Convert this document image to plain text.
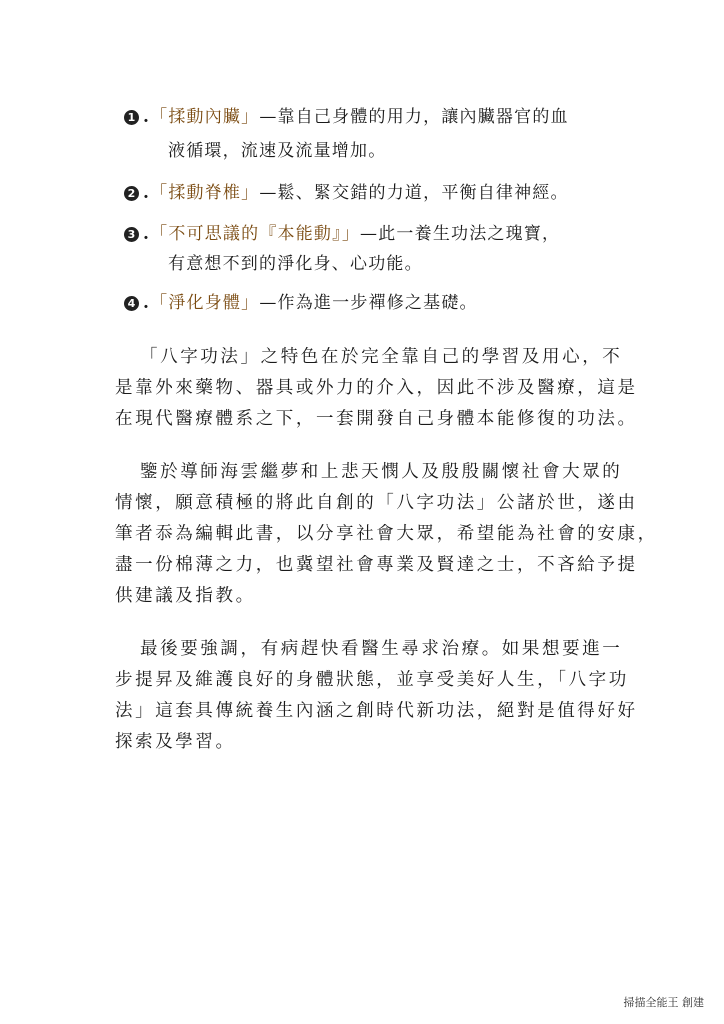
1 .「揉動內臟」—靠自己身體的用力，讓內臟器官的血
液循環，流速及流量增加。
2 .「揉動脊椎」—鬆、緊交錯的力道，平衡自律神經。
3 .「不可思議的『本能動』」—此一養生功法之瑰寶，
有意想不到的淨化身、心功能。
4 .「淨化身體」—作為進一步禪修之基礎。
「八字功法」之特色在於完全靠自己的學習及用心，不
是靠外來藥物、器具或外力的介入，因此不涉及醫療，這是
在現代醫療體系之下，一套開發自己身體本能修復的功法。
鑒於導師海雲繼夢和上悲天憫人及殷殷關懷社會大眾的
情懷，願意積極的將此自創的「八字功法」公諸於世，遂由
筆者忝為編輯此書，以分享社會大眾，希望能為社會的安康，
盡一份棉薄之力，也冀望社會專業及賢達之士，不吝給予提
供建議及指教。
最後要強調，有病趕快看醫生尋求治療。如果想要進一
步提昇及維護良好的身體狀態，並享受美好人生，「八字功
法」這套具傳統養生內涵之創時代新功法，絕對是值得好好
探索及學習。
掃描全能王 創建
